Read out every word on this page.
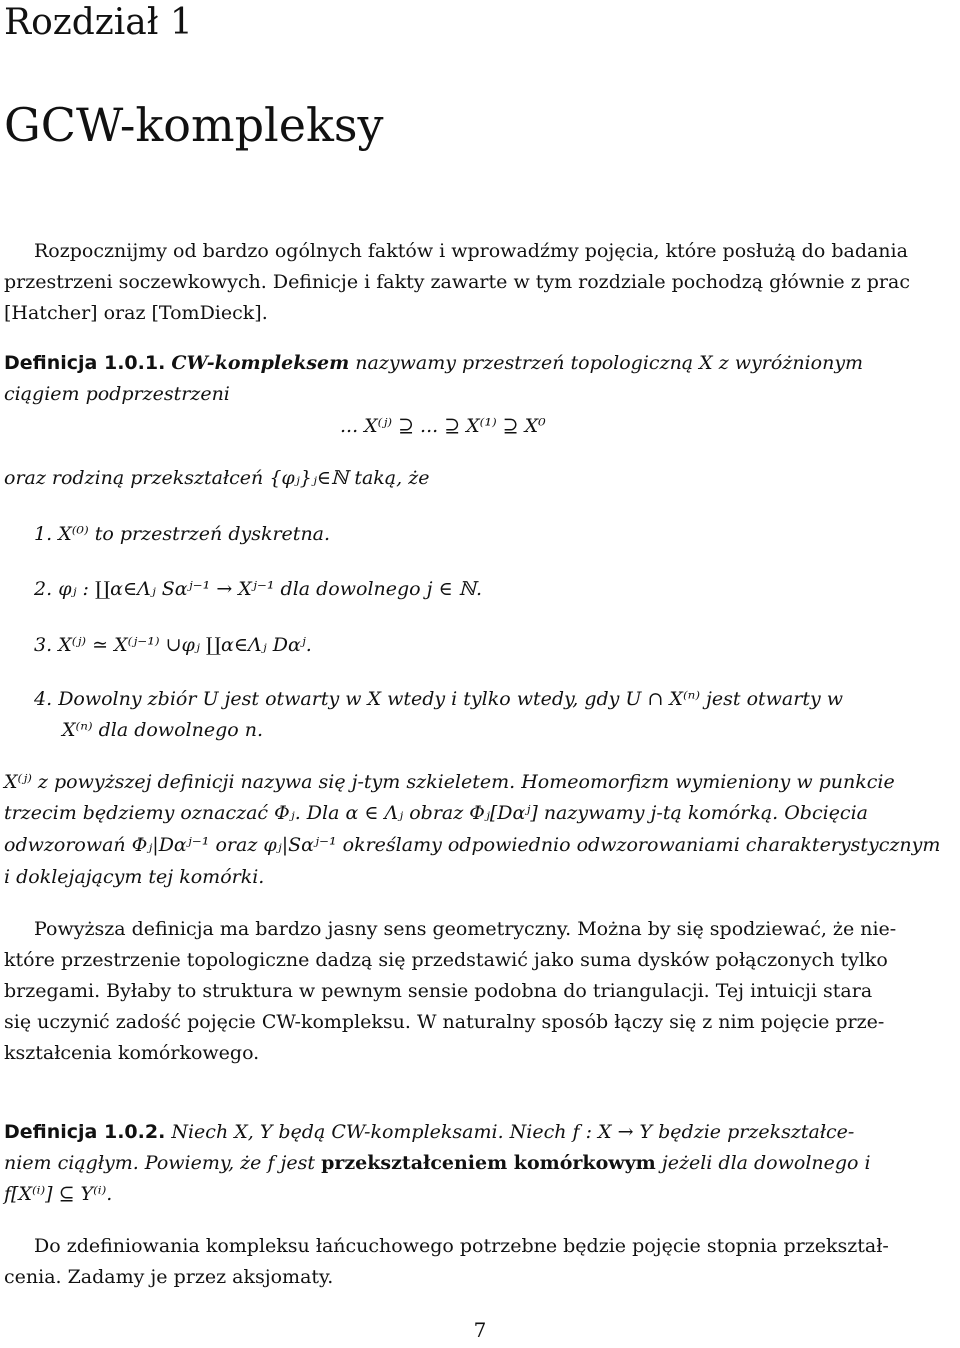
Rozdział 1
GCW-kompleksy
Rozpocznijmy od bardzo ogólnych faktów i wprowadźmy pojęcia, które posłużą do badania
przestrzeni soczewkowych. Definicje i fakty zawarte w tym rozdziale pochodzą głównie z prac
[Hatcher] oraz [TomDieck].
Definicja 1.0.1. CW-kompleksem nazywamy przestrzeń topologiczną X z wyróżnionym
ciągiem podprzestrzeni
... X⁽ʲ⁾ ⊇ ... ⊇ X⁽¹⁾ ⊇ X⁰
oraz rodziną przekształceń {φⱼ}ⱼ∈ℕ taką, że
1. X⁽⁰⁾ to przestrzeń dyskretna.
2. φⱼ : ∐α∈Λⱼ Sαʲ⁻¹ → Xʲ⁻¹ dla dowolnego j ∈ ℕ.
3. X⁽ʲ⁾ ≃ X⁽ʲ⁻¹⁾ ∪φⱼ ∐α∈Λⱼ Dαʲ.
4. Dowolny zbiór U jest otwarty w X wtedy i tylko wtedy, gdy U ∩ X⁽ⁿ⁾ jest otwarty w
X⁽ⁿ⁾ dla dowolnego n.
X⁽ʲ⁾ z powyższej definicji nazywa się j-tym szkieletem. Homeomorfizm wymieniony w punkcie
trzecim będziemy oznaczać Φⱼ. Dla α ∈ Λⱼ obraz Φⱼ[Dαʲ] nazywamy j-tą komórką. Obcięcia
odwzorowań Φⱼ|Dαʲ⁻¹ oraz φⱼ|Sαʲ⁻¹ określamy odpowiednio odwzorowaniami charakterystycznym
i doklejającym tej komórki.
Powyższa definicja ma bardzo jasny sens geometryczny. Można by się spodziewać, że nie-
które przestrzenie topologiczne dadzą się przedstawić jako suma dysków połączonych tylko
brzegami. Byłaby to struktura w pewnym sensie podobna do triangulacji. Tej intuicji stara
się uczynić zadość pojęcie CW-kompleksu. W naturalny sposób łączy się z nim pojęcie prze-
kształcenia komórkowego.
Definicja 1.0.2. Niech X, Y będą CW-kompleksami. Niech f : X → Y będzie przekształce-
niem ciągłym. Powiemy, że f jest przekształceniem komórkowym jeżeli dla dowolnego i
f[X⁽ⁱ⁾] ⊆ Y⁽ⁱ⁾.
Do zdefiniowania kompleksu łańcuchowego potrzebne będzie pojęcie stopnia przekształ-
cenia. Zadamy je przez aksjomaty.
7
